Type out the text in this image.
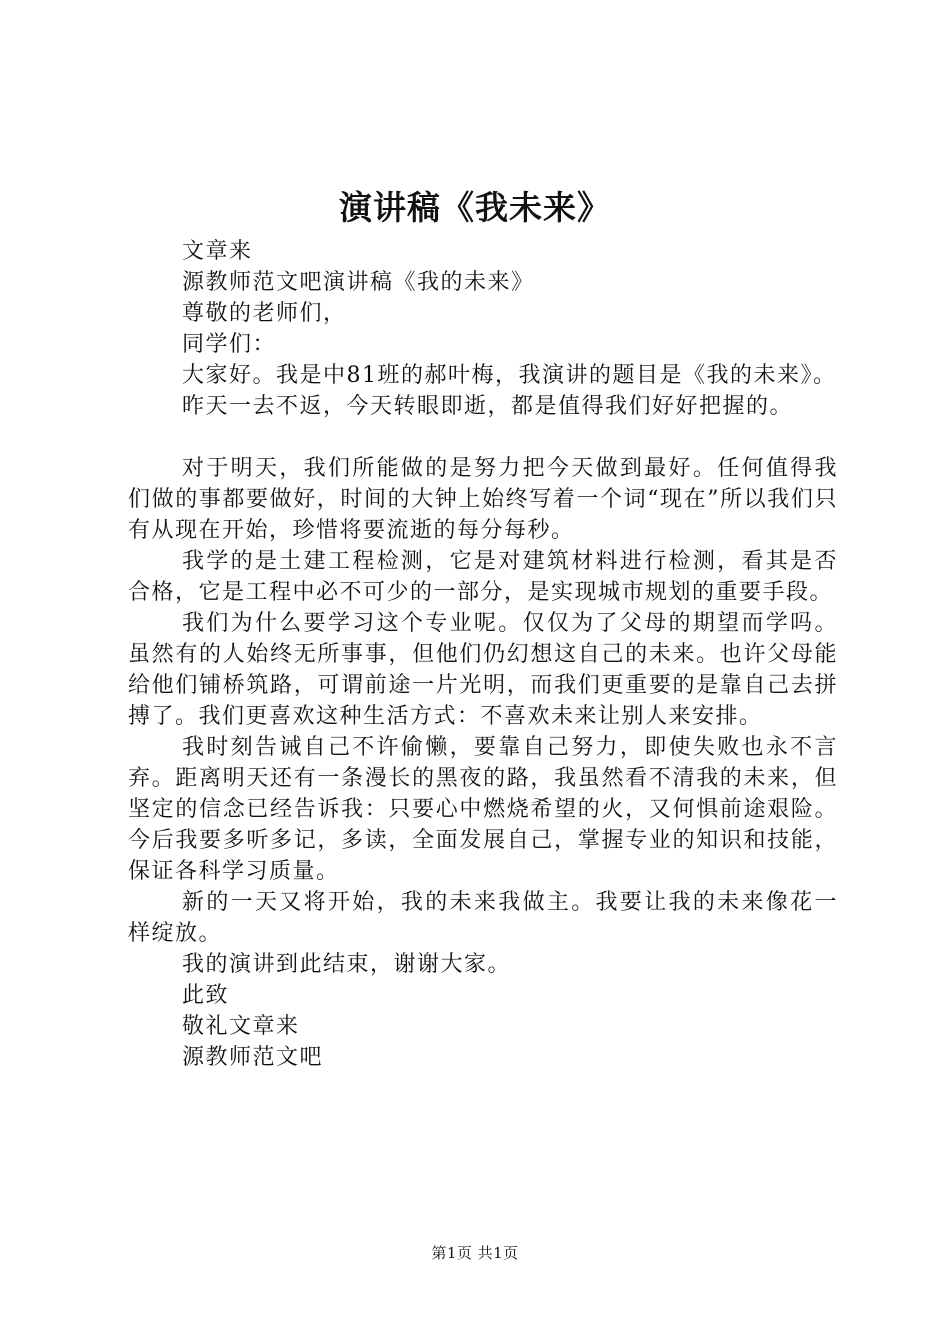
演讲稿《我未来》

文章来

源教师范文吧演讲稿《我的未来》

尊敬的老师们，

同学们：

大家好。我是中81班的郝叶梅，我演讲的题目是《我的未来》。

昨天一去不返，今天转眼即逝，都是值得我们好好把握的。

对于明天，我们所能做的是努力把今天做到最好。任何值得我们做的事都要做好，时间的大钟上始终写着一个词“现在”所以我们只有从现在开始，珍惜将要流逝的每分每秒。

我学的是土建工程检测，它是对建筑材料进行检测，看其是否合格，它是工程中必不可少的一部分，是实现城市规划的重要手段。

我们为什么要学习这个专业呢。仅仅为了父母的期望而学吗。虽然有的人始终无所事事，但他们仍幻想这自己的未来。也许父母能给他们铺桥筑路，可谓前途一片光明，而我们更重要的是靠自己去拼搏了。我们更喜欢这种生活方式：不喜欢未来让别人来安排。

我时刻告诫自己不许偷懒，要靠自己努力，即使失败也永不言弃。距离明天还有一条漫长的黑夜的路，我虽然看不清我的未来，但坚定的信念已经告诉我：只要心中燃烧希望的火，又何惧前途艰险。今后我要多听多记，多读，全面发展自己，掌握专业的知识和技能，保证各科学习质量。

新的一天又将开始，我的未来我做主。我要让我的未来像花一样绽放。

我的演讲到此结束，谢谢大家。

此致

敬礼文章来

源教师范文吧

第1页 共1页
